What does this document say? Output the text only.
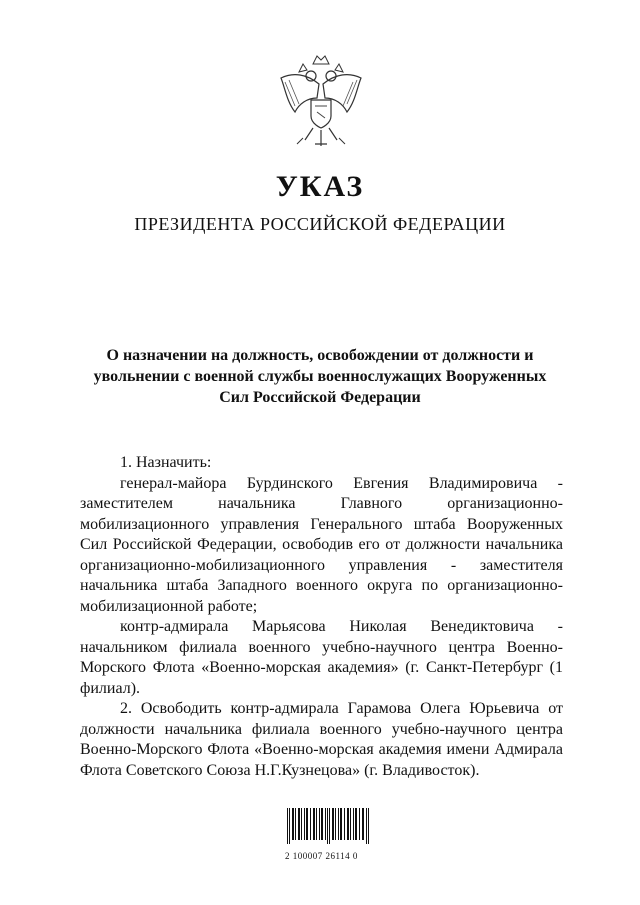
УКАЗ
ПРЕЗИДЕНТА РОССИЙСКОЙ ФЕДЕРАЦИИ
О назначении на должность, освобождении от должности и увольнении с военной службы военнослужащих Вооруженных Сил Российской Федерации

1. Назначить:

генерал-майора Бурдинского Евгения Владимировича - заместителем начальника Главного организационно-мобилизационного управления Генерального штаба Вооруженных Сил Российской Федерации, освободив его от должности начальника организационно-мобилизационного управления - заместителя начальника штаба Западного военного округа по организационно-мобилизационной работе;

контр-адмирала Марьясова Николая Венедиктовича - начальником филиала военного учебно-научного центра Военно-Морского Флота «Военно-морская академия» (г. Санкт-Петербург (1 филиал).

2. Освободить контр-адмирала Гарамова Олега Юрьевича от должности начальника филиала военного учебно-научного центра Военно-Морского Флота «Военно-морская академия имени Адмирала Флота Советского Союза Н.Г.Кузнецова» (г. Владивосток).

2 100007 26114 0
